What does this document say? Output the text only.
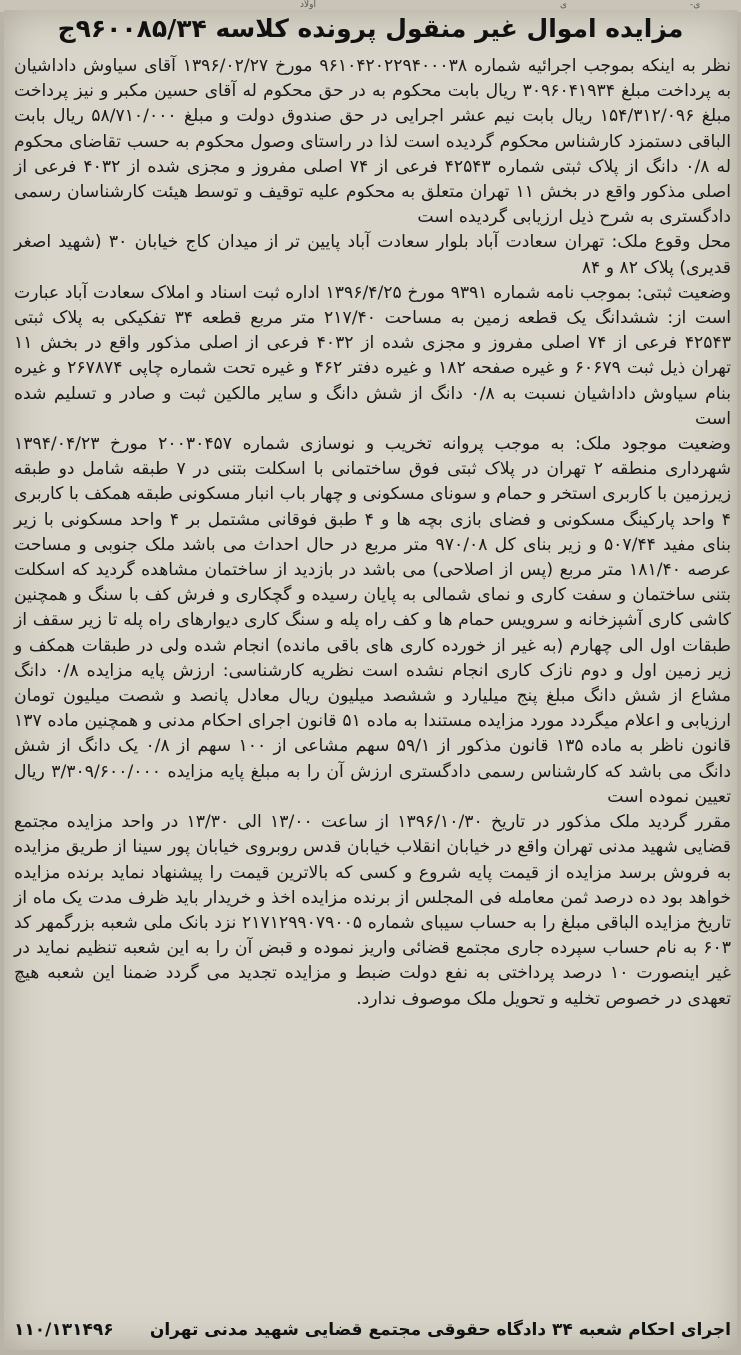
اولاد	ی	-ی
مزایده اموال غیر منقول پرونده کلاسه ۹۶۰۰۸۵/۳۴ج

نظر به اینکه بموجب اجرائیه شماره ۹۶۱۰۴۲۰۲۲۹۴۰۰۰۳۸ مورخ ۱۳۹۶/۰۲/۲۷ آقای سیاوش داداشیان به پرداخت مبلغ ۳۰۹۶۰۴۱۹۳۴ ریال بابت محکوم به در حق محکوم له آقای حسین مکبر و نیز پرداخت مبلغ ۱۵۴/۳۱۲/۰۹۶ ریال بابت نیم عشر اجرایی در حق صندوق دولت و مبلغ ۵۸/۷۱۰/۰۰۰ ریال بابت الباقی دستمزد کارشناس محکوم گردیده است لذا در راستای وصول محکوم به حسب تقاضای محکوم له ۰/۸ دانگ از پلاک ثبتی شماره ۴۲۵۴۳ فرعی از ۷۴ اصلی مفروز و مجزی شده از ۴۰۳۲ فرعی از اصلی مذکور واقع در بخش ۱۱ تهران متعلق به محکوم علیه توقیف و توسط هیئت کارشناسان رسمی دادگستری به شرح ذیل ارزیابی گردیده است

محل وقوع ملک: تهران سعادت آباد بلوار سعادت آباد پایین تر از میدان کاج خیابان ۳۰ (شهید اصغر قدیری) پلاک ۸۲ و ۸۴

وضعیت ثبتی: بموجب نامه شماره ۹۳۹۱ مورخ ۱۳۹۶/۴/۲۵ اداره ثبت اسناد و املاک سعادت آباد عبارت است از: ششدانگ یک قطعه زمین به مساحت ۲۱۷/۴۰ متر مربع قطعه ۳۴ تفکیکی به پلاک ثبتی ۴۲۵۴۳ فرعی از ۷۴ اصلی مفروز و مجزی شده از ۴۰۳۲ فرعی از اصلی مذکور واقع در بخش ۱۱ تهران ذیل ثبت ۶۰۶۷۹ و غیره صفحه ۱۸۲ و غیره دفتر ۴۶۲ و غیره تحت شماره چاپی ۲۶۷۸۷۴ و غیره بنام سیاوش داداشیان نسبت به ۰/۸ دانگ از شش دانگ و سایر مالکین ثبت و صادر و تسلیم شده است

وضعیت موجود ملک: به موجب پروانه تخریب و نوسازی شماره ۲۰۰۳۰۴۵۷ مورخ ۱۳۹۴/۰۴/۲۳ شهرداری منطقه ۲ تهران در پلاک ثبتی فوق ساختمانی با اسکلت بتنی در ۷ طبقه شامل دو طبقه زیرزمین با کاربری استخر و حمام و سونای مسکونی و چهار باب انبار مسکونی طبقه همکف با کاربری ۴ واحد پارکینگ مسکونی و فضای بازی بچه ها و ۴ طبق فوقانی مشتمل بر ۴ واحد مسکونی با زیر بنای مفید ۵۰۷/۴۴ و زیر بنای کل ۹۷۰/۰۸ متر مربع در حال احداث می باشد ملک جنوبی و مساحت عرصه ۱۸۱/۴۰ متر مربع (پس از اصلاحی) می باشد در بازدید از ساختمان مشاهده گردید که اسکلت بتنی ساختمان و سفت کاری و نمای شمالی به پایان رسیده و گچکاری و فرش کف با سنگ و همچنین کاشی کاری آشپزخانه و سرویس حمام ها و کف راه پله و سنگ کاری دیوارهای راه پله تا زیر سقف از طبقات اول الی چهارم (به غیر از خورده کاری های باقی مانده) انجام شده ولی در طبقات همکف و زیر زمین اول و دوم نازک کاری انجام نشده است نظریه کارشناسی: ارزش پایه مزایده ۰/۸ دانگ مشاع از شش دانگ مبلغ پنج میلیارد و ششصد میلیون ریال معادل پانصد و شصت میلیون تومان ارزیابی و اعلام میگردد مورد مزایده مستندا به ماده ۵۱ قانون اجرای احکام مدنی و همچنین ماده ۱۳۷ قانون ناظر به ماده ۱۳۵ قانون مذکور از ۵۹/۱ سهم مشاعی از ۱۰۰ سهم از ۰/۸ یک دانگ از شش دانگ می باشد که کارشناس رسمی دادگستری ارزش آن را به مبلغ پایه مزایده ۳/۳۰۹/۶۰۰/۰۰۰ ریال تعیین نموده است

مقرر گردید ملک مذکور در تاریخ ۱۳۹۶/۱۰/۳۰ از ساعت ۱۳/۰۰ الی ۱۳/۳۰ در واحد مزایده مجتمع قضایی شهید مدنی تهران واقع در خیابان انقلاب خیابان قدس روبروی خیابان پور سینا از طریق مزایده به فروش برسد مزایده از قیمت پایه شروع و کسی که بالاترین قیمت را پیشنهاد نماید برنده مزایده خواهد بود ده درصد ثمن معامله فی المجلس از برنده مزایده اخذ و خریدار باید ظرف مدت یک ماه از تاریخ مزایده الباقی مبلغ را به حساب سیبای شماره ۲۱۷۱۲۹۹۰۷۹۰۰۵ نزد بانک ملی شعبه بزرگمهر کد ۶۰۳ به نام حساب سپرده جاری مجتمع قضائی واریز نموده و قبض آن را به این شعبه تنظیم نماید در غیر اینصورت ۱۰ درصد پرداختی به نفع دولت ضبط و مزایده تجدید می گردد ضمنا این شعبه هیچ تعهدی در خصوص تخلیه و تحویل ملک موصوف ندارد.

اجرای احکام شعبه ۳۴ دادگاه حقوقی مجتمع قضایی شهید مدنی تهران
۱۱۰/۱۳۱۴۹۶
